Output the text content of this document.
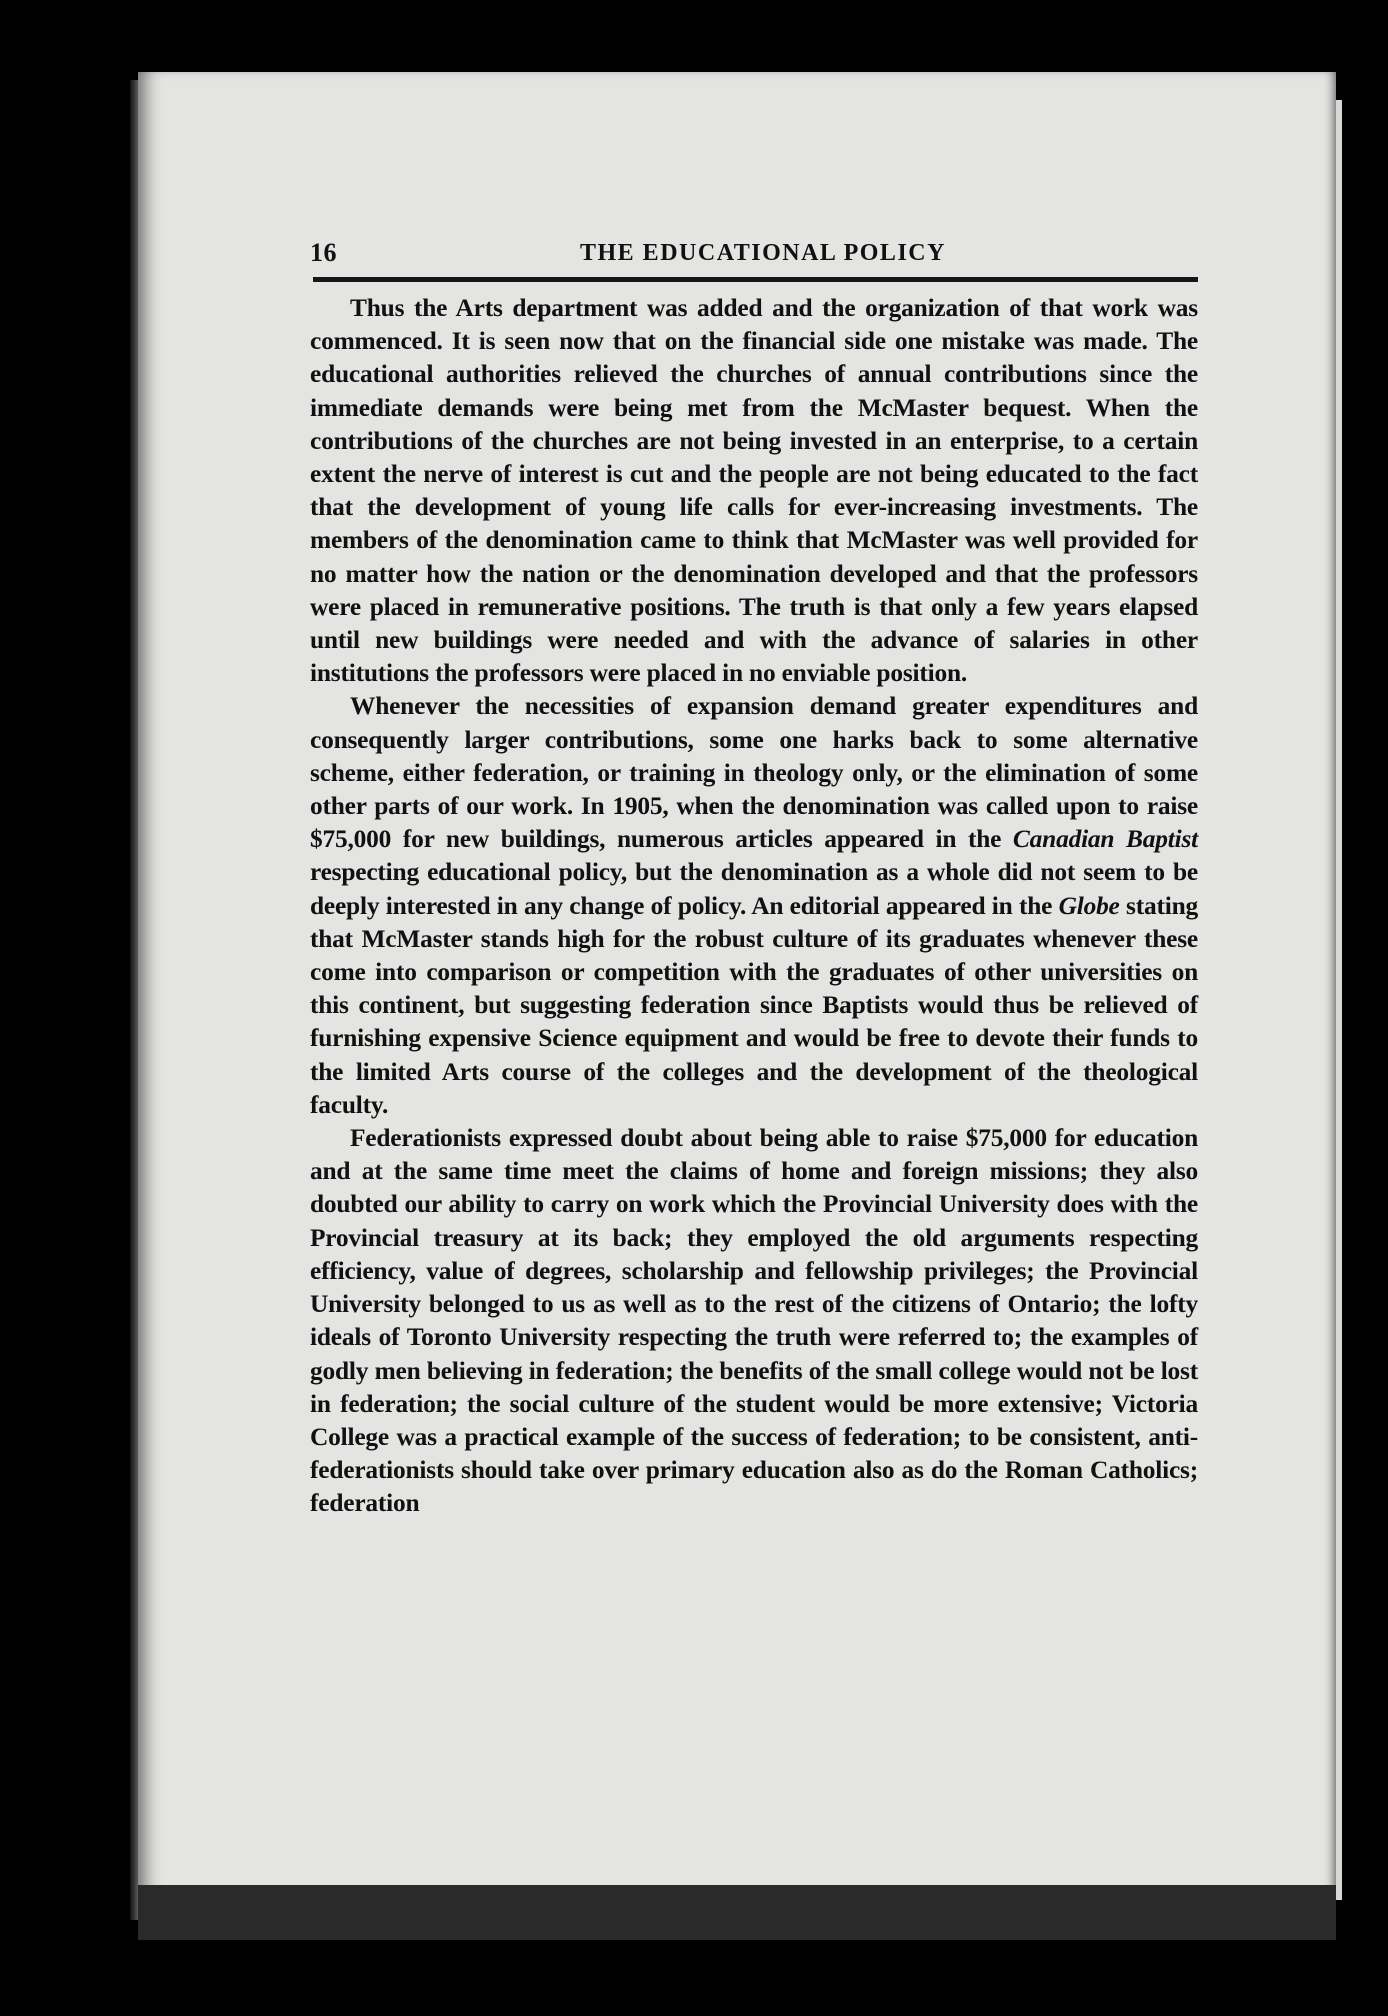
16	THE EDUCATIONAL POLICY

Thus the Arts department was added and the organization of that work was commenced. It is seen now that on the financial side one mistake was made. The educational authorities relieved the churches of annual contributions since the immediate demands were being met from the McMaster bequest. When the contributions of the churches are not being invested in an enterprise, to a certain extent the nerve of interest is cut and the people are not being educated to the fact that the development of young life calls for ever-increasing investments. The members of the denomination came to think that McMaster was well provided for no matter how the nation or the denomination developed and that the professors were placed in remunerative positions. The truth is that only a few years elapsed until new buildings were needed and with the advance of salaries in other institutions the professors were placed in no enviable position.

Whenever the necessities of expansion demand greater expenditures and consequently larger contributions, some one harks back to some alternative scheme, either federation, or training in theology only, or the elimination of some other parts of our work. In 1905, when the denomination was called upon to raise $75,000 for new buildings, numerous articles appeared in the Canadian Baptist respecting educational policy, but the denomination as a whole did not seem to be deeply interested in any change of policy. An editorial appeared in the Globe stating that McMaster stands high for the robust culture of its graduates whenever these come into comparison or competition with the graduates of other universities on this continent, but suggesting federation since Baptists would thus be relieved of furnishing expensive Science equipment and would be free to devote their funds to the limited Arts course of the colleges and the development of the theological faculty.

Federationists expressed doubt about being able to raise $75,000 for education and at the same time meet the claims of home and foreign missions; they also doubted our ability to carry on work which the Provincial University does with the Provincial treasury at its back; they employed the old arguments respecting efficiency, value of degrees, scholarship and fellowship privileges; the Provincial University belonged to us as well as to the rest of the citizens of Ontario; the lofty ideals of Toronto University respecting the truth were referred to; the examples of godly men believing in federation; the benefits of the small college would not be lost in federation; the social culture of the student would be more extensive; Victoria College was a practical example of the success of federation; to be consistent, anti-federationists should take over primary education also as do the Roman Catholics; federation
